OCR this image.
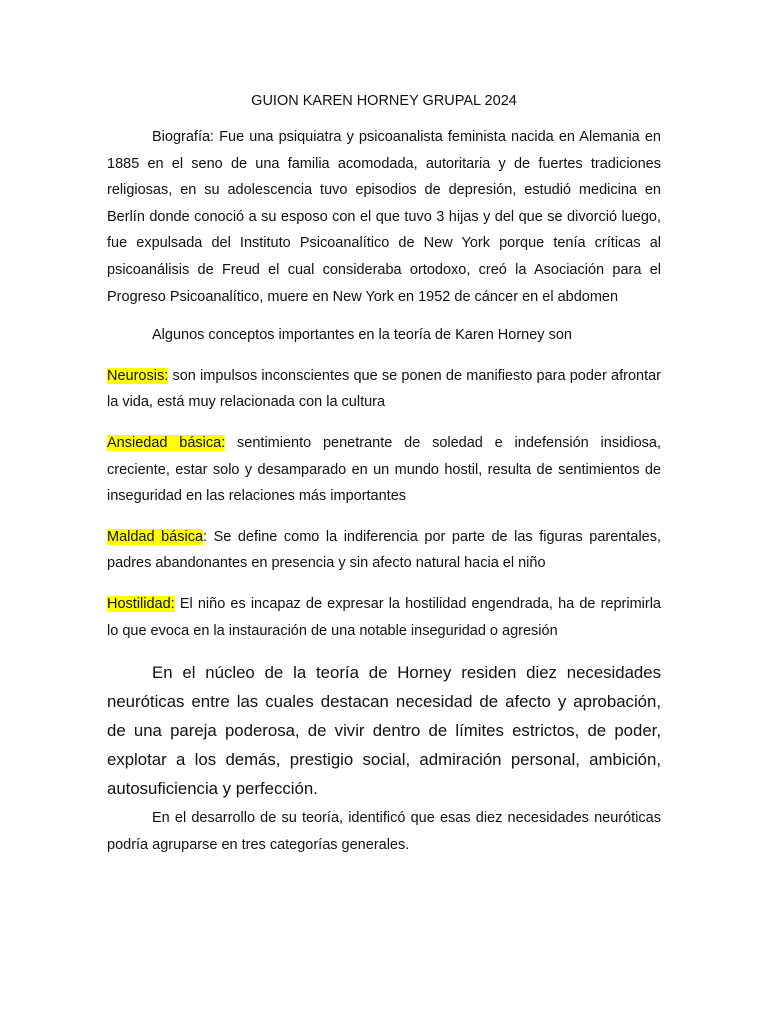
GUION KAREN HORNEY GRUPAL 2024

Biografía: Fue una psiquiatra y psicoanalista feminista nacida en Alemania en 1885 en el seno de una familia acomodada, autoritaria y de fuertes tradiciones religiosas, en su adolescencia tuvo episodios de depresión, estudió medicina en Berlín donde conoció a su esposo con el que tuvo 3 hijas y del que se divorció luego, fue expulsada del Instituto Psicoanalítico de New York porque tenía críticas al psicoanálisis de Freud el cual consideraba ortodoxo, creó la Asociación para el Progreso Psicoanalítico, muere en New York en 1952 de cáncer en el abdomen

Algunos conceptos importantes en la teoría de Karen Horney son

Neurosis: son impulsos inconscientes que se ponen de manifiesto para poder afrontar la vida, está muy relacionada con la cultura

Ansiedad básica: sentimiento penetrante de soledad e indefensión insidiosa, creciente, estar solo y desamparado en un mundo hostil, resulta de sentimientos de inseguridad en las relaciones más importantes

Maldad básica: Se define como la indiferencia por parte de las figuras parentales, padres abandonantes en presencia y sin afecto natural hacia el niño

Hostilidad: El niño es incapaz de expresar la hostilidad engendrada, ha de reprimirla lo que evoca en la instauración de una notable inseguridad o agresión

En el núcleo de la teoría de Horney residen diez necesidades neuróticas entre las cuales destacan necesidad de afecto y aprobación, de una pareja poderosa, de vivir dentro de límites estrictos, de poder, explotar a los demás, prestigio social, admiración personal, ambición, autosuficiencia y perfección.

En el desarrollo de su teoría, identificó que esas diez necesidades neuróticas podría agruparse en tres categorías generales.
